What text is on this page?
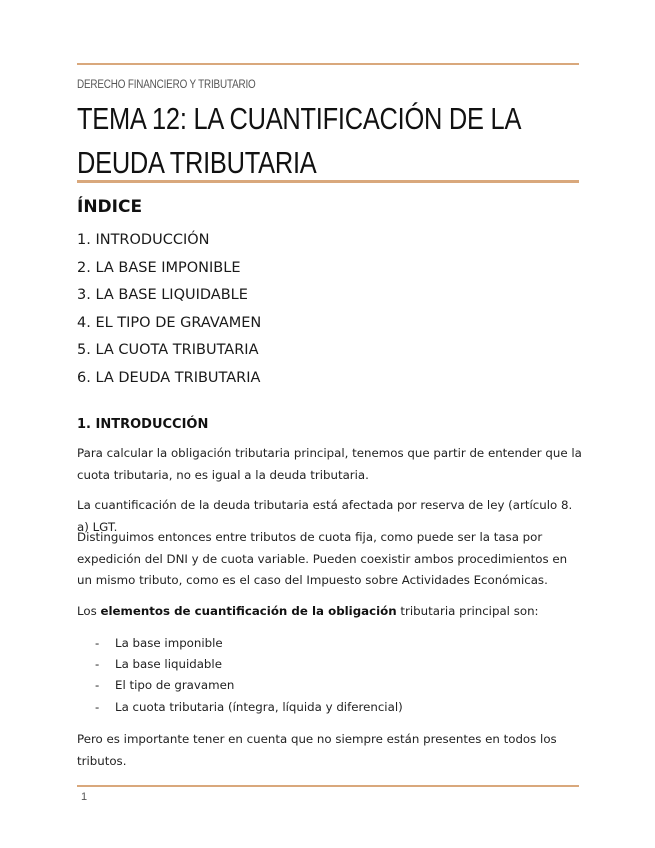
DERECHO FINANCIERO Y TRIBUTARIO
TEMA 12: LA CUANTIFICACIÓN DE LA DEUDA TRIBUTARIA
ÍNDICE
1. INTRODUCCIÓN
2. LA BASE IMPONIBLE
3. LA BASE LIQUIDABLE
4. EL TIPO DE GRAVAMEN
5. LA CUOTA TRIBUTARIA
6. LA DEUDA TRIBUTARIA
1. INTRODUCCIÓN

Para calcular la obligación tributaria principal, tenemos que partir de entender que la cuota tributaria, no es igual a la deuda tributaria.

La cuantificación de la deuda tributaria está afectada por reserva de ley (artículo 8. a) LGT.

Distinguimos entonces entre tributos de cuota fija, como puede ser la tasa por expedición del DNI y de cuota variable. Pueden coexistir ambos procedimientos en un mismo tributo, como es el caso del Impuesto sobre Actividades Económicas.

Los elementos de cuantificación de la obligación tributaria principal son:

- La base imponible
- La base liquidable
- El tipo de gravamen
- La cuota tributaria (íntegra, líquida y diferencial)

Pero es importante tener en cuenta que no siempre están presentes en todos los tributos.

1
